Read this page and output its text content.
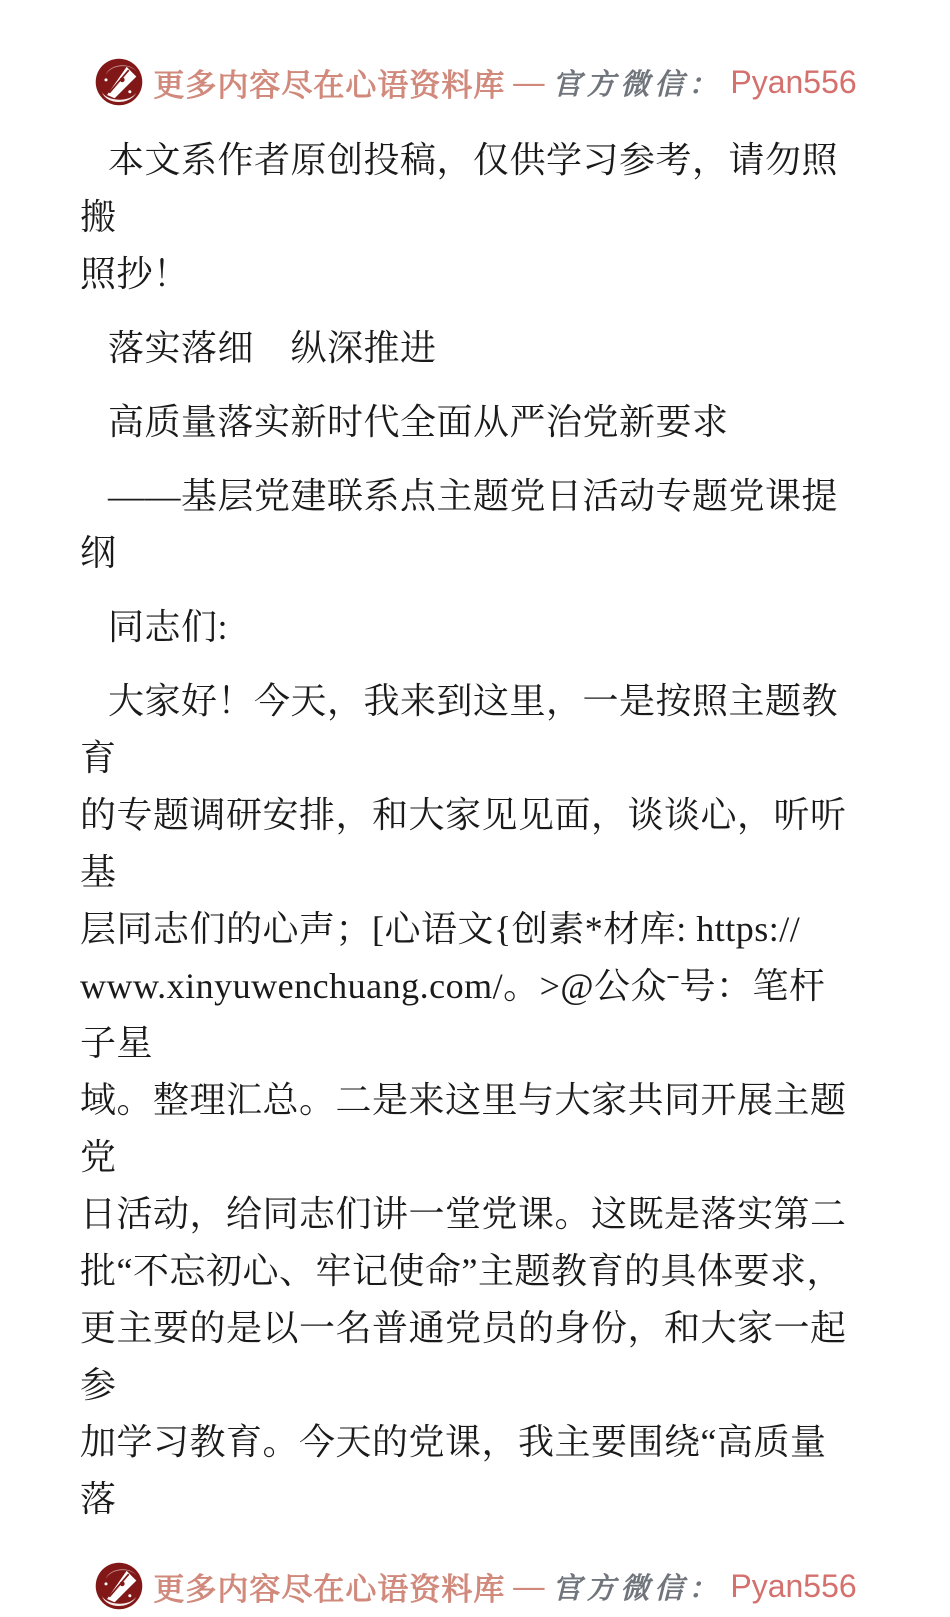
更多内容尽在心语资料库 — 官方微信： Pyan556

本文系作者原创投稿，仅供学习参考，请勿照搬
照抄！

落实落细　纵深推进

高质量落实新时代全面从严治党新要求

——基层党建联系点主题党日活动专题党课提纲

同志们:

大家好！今天，我来到这里，一是按照主题教育
的专题调研安排，和大家见见面，谈谈心，听听基
层同志们的心声；[心语文{创素*材库: https://
www.xinyuwenchuang.com/。>@公众ˉ号：笔杆子星
域。整理汇总。二是来这里与大家共同开展主题党
日活动，给同志们讲一堂党课。这既是落实第二
批“不忘初心、牢记使命”主题教育的具体要求，
更主要的是以一名普通党员的身份，和大家一起参
加学习教育。今天的党课，我主要围绕“高质量落

更多内容尽在心语资料库 — 官方微信： Pyan556
